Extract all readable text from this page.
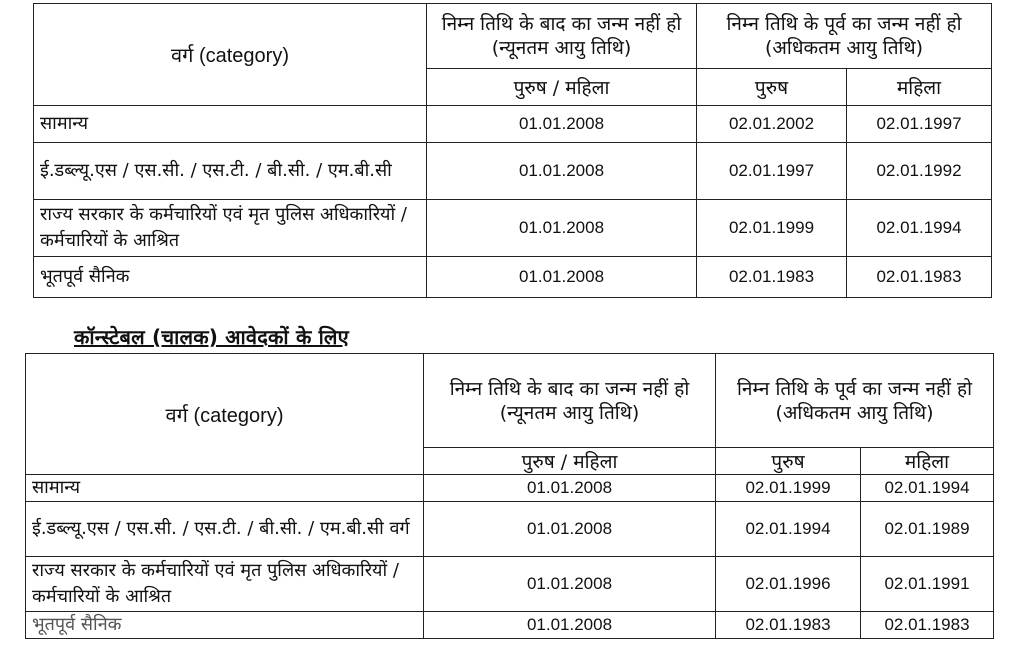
वर्ग (category)	निम्न तिथि के बाद का जन्म नहीं हो (न्यूनतम आयु तिथि)	निम्न तिथि के पूर्व का जन्म नहीं हो (अधिकतम आयु तिथि)	
	पुरुष / महिला	पुरुष	महिला
सामान्य	01.01.2008	02.01.2002	02.01.1997
ई.डब्ल्यू.एस / एस.सी. / एस.टी. / बी.सी. / एम.बी.सी	01.01.2008	02.01.1997	02.01.1992
राज्य सरकार के कर्मचारियों एवं मृत पुलिस अधिकारियों / कर्मचारियों के आश्रित	01.01.2008	02.01.1999	02.01.1994
भूतपूर्व सैनिक	01.01.2008	02.01.1983	02.01.1983
कॉन्स्टेबल (चालक) आवेदकों के लिए
वर्ग (category)	निम्न तिथि के बाद का जन्म नहीं हो (न्यूनतम आयु तिथि)	निम्न तिथि के पूर्व का जन्म नहीं हो (अधिकतम आयु तिथि)	
	पुरुष / महिला	पुरुष	महिला
सामान्य	01.01.2008	02.01.1999	02.01.1994
ई.डब्ल्यू.एस / एस.सी. / एस.टी. / बी.सी. / एम.बी.सी वर्ग	01.01.2008	02.01.1994	02.01.1989
राज्य सरकार के कर्मचारियों एवं मृत पुलिस अधिकारियों / कर्मचारियों के आश्रित	01.01.2008	02.01.1996	02.01.1991
भूतपूर्व सैनिक	01.01.2008	02.01.1983	02.01.1983
